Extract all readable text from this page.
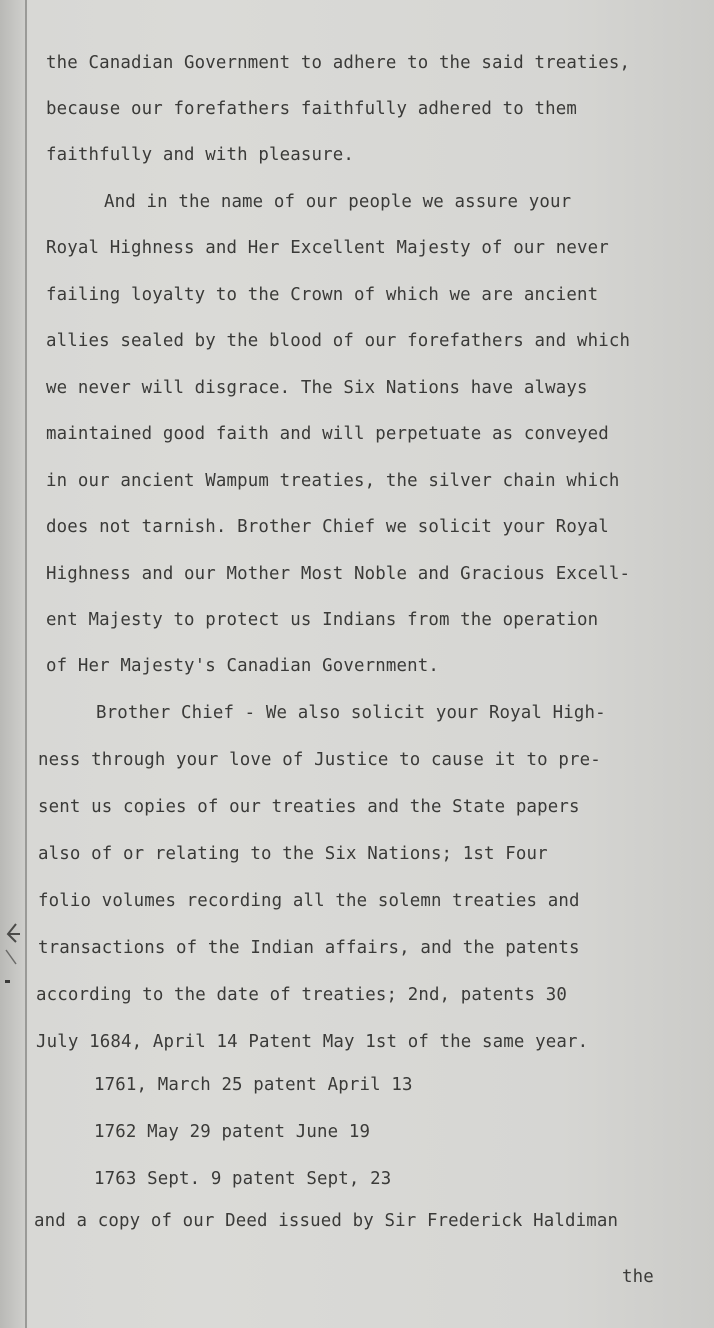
the Canadian Government to adhere to the said treaties,
because our forefathers faithfully adhered to them
faithfully and with pleasure.
And in the name of our people we assure your
Royal Highness and Her Excellent Majesty of our never
failing loyalty to the Crown of which we are ancient
allies sealed by the blood of our forefathers and which
we never will disgrace. The Six Nations have always
maintained good faith and will perpetuate as conveyed
in our ancient Wampum treaties, the silver chain which
does not tarnish. Brother Chief we solicit your Royal
Highness and our Mother Most Noble and Gracious Excell-
ent Majesty to protect us Indians from the operation
of Her Majesty's Canadian Government.
Brother Chief - We also solicit your Royal High-
ness through your love of Justice to cause it to pre-
sent us copies of our treaties and the State papers
also of or relating to the Six Nations; 1st Four
folio volumes recording all the solemn treaties and
transactions of the Indian affairs, and the patents
according to the date of treaties; 2nd, patents 30
July 1684, April 14 Patent May 1st of the same year.
1761, March 25 patent April 13
1762 May 29 patent June 19
1763 Sept. 9 patent Sept, 23
and a copy of our Deed issued by Sir Frederick Haldiman
the
